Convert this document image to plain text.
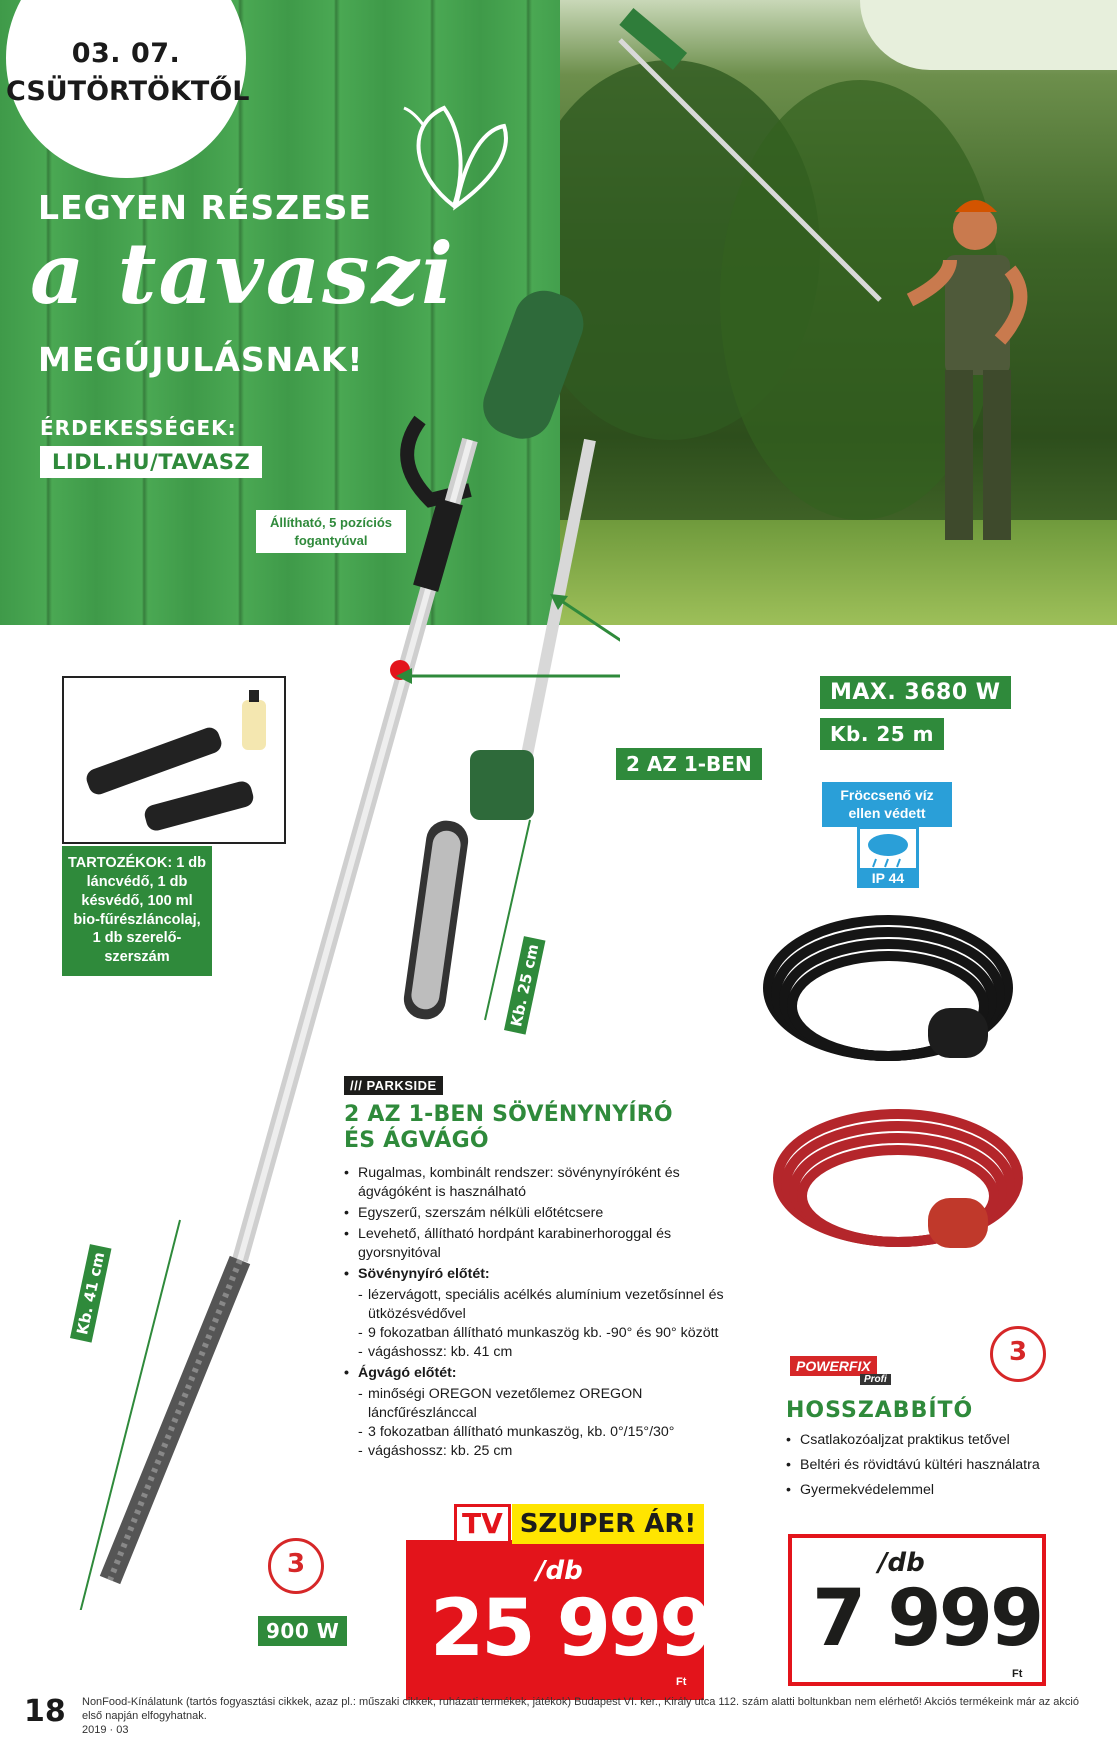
03. 07.
CSÜTÖRTÖKTŐL
LEGYEN RÉSZESE
a tavaszi
MEGÚJULÁSNAK!
ÉRDEKESSÉGEK:
LIDL.HU/TAVASZ
Állítható, 5 pozíciós fogantyúval
2 AZ 1-BEN
Kb. 41 cm
Kb. 25 cm
TARTOZÉKOK: 1 db láncvédő, 1 db késvédő, 100 ml bio-fűrészláncolaj, 1 db szerelő-szerszám
/// PARKSIDE
2 AZ 1-BEN SÖVÉNYNYÍRÓ
ÉS ÁGVÁGÓ
• Rugalmas, kombinált rendszer: sövénynyíróként és ágvágóként is használható
• Egyszerű, szerszám nélküli előtétcsere
• Levehető, állítható hordpánt karabinerhoroggal és gyorsnyitóval
• Sövénynyíró előtét:
- lézervágott, speciális acélkés alumínium vezetősínnel és ütközésvédővel
- 9 fokozatban állítható munkaszög kb. -90° és 90° között
- vágáshossz: kb. 41 cm
• Ágvágó előtét:
- minőségi OREGON vezetőlemez OREGON láncfűrészlánccal
- 3 fokozatban állítható munkaszög, kb. 0°/15°/30°
- vágáshossz: kb. 25 cm
3
900 W
TV SZUPER ÁR!
/db
25 999
Ft
MAX. 3680 W
Kb. 25 m
Fröccsenő víz ellen védett
IP 44
POWERFIX
Profi
3
HOSSZABBÍTÓ
• Csatlakozóaljzat praktikus tetővel
• Beltéri és rövidtávú kültéri használatra
• Gyermekvédelemmel
/db
7 999
Ft
18 NonFood-Kínálatunk (tartós fogyasztási cikkek, azaz pl.: műszaki cikkek, ruházati termékek, játékok) Budapest VI. ker., Király utca 112. szám alatti boltunkban nem elérhető! Akciós termékeink már az akció első napján elfogyhatnak.
2019 · 03
